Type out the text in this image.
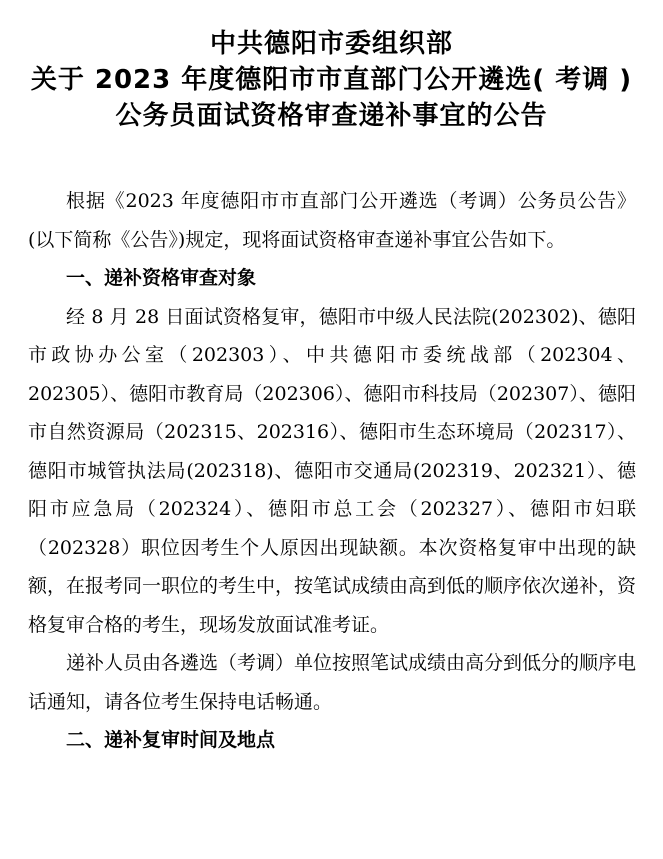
中共德阳市委组织部
关于 2023 年度德阳市市直部门公开遴选( 考调 )
公务员面试资格审查递补事宜的公告

根据《2023 年度德阳市市直部门公开遴选（考调）公务员公告》(以下简称《公告》)规定，现将面试资格审查递补事宜公告如下。

一、递补资格审查对象

经 8 月 28 日面试资格复审，德阳市中级人民法院(202302)、德阳市政协办公室（202303）、中共德阳市委统战部（202304、202305）、德阳市教育局（202306）、德阳市科技局（202307）、德阳市自然资源局（202315、202316）、德阳市生态环境局（202317）、德阳市城管执法局(202318)、德阳市交通局(202319、202321）、德阳市应急局（202324）、德阳市总工会（202327）、德阳市妇联（202328）职位因考生个人原因出现缺额。本次资格复审中出现的缺额，在报考同一职位的考生中，按笔试成绩由高到低的顺序依次递补，资格复审合格的考生，现场发放面试准考证。

递补人员由各遴选（考调）单位按照笔试成绩由高分到低分的顺序电话通知，请各位考生保持电话畅通。

二、递补复审时间及地点
